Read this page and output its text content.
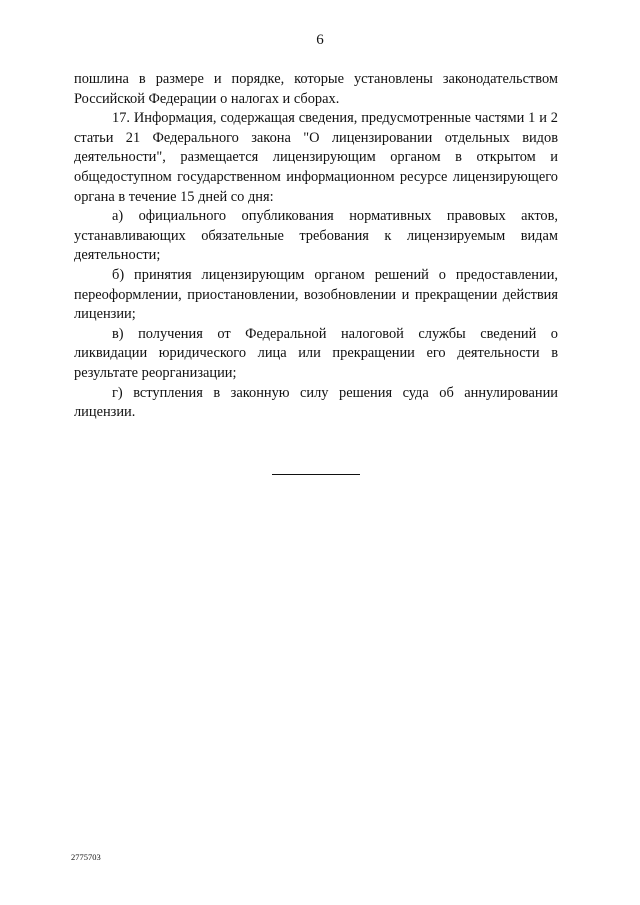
6

пошлина в размере и порядке, которые установлены законодательством Российской Федерации о налогах и сборах.

17. Информация, содержащая сведения, предусмотренные частями 1 и 2 статьи 21 Федерального закона "О лицензировании отдельных видов деятельности", размещается лицензирующим органом в открытом и общедоступном государственном информационном ресурсе лицензирующего органа в течение 15 дней со дня:

а) официального опубликования нормативных правовых актов, устанавливающих обязательные требования к лицензируемым видам деятельности;

б) принятия лицензирующим органом решений о предоставлении, переоформлении, приостановлении, возобновлении и прекращении действия лицензии;

в) получения от Федеральной налоговой службы сведений о ликвидации юридического лица или прекращении его деятельности в результате реорганизации;

г) вступления в законную силу решения суда об аннулировании лицензии.

2775703
